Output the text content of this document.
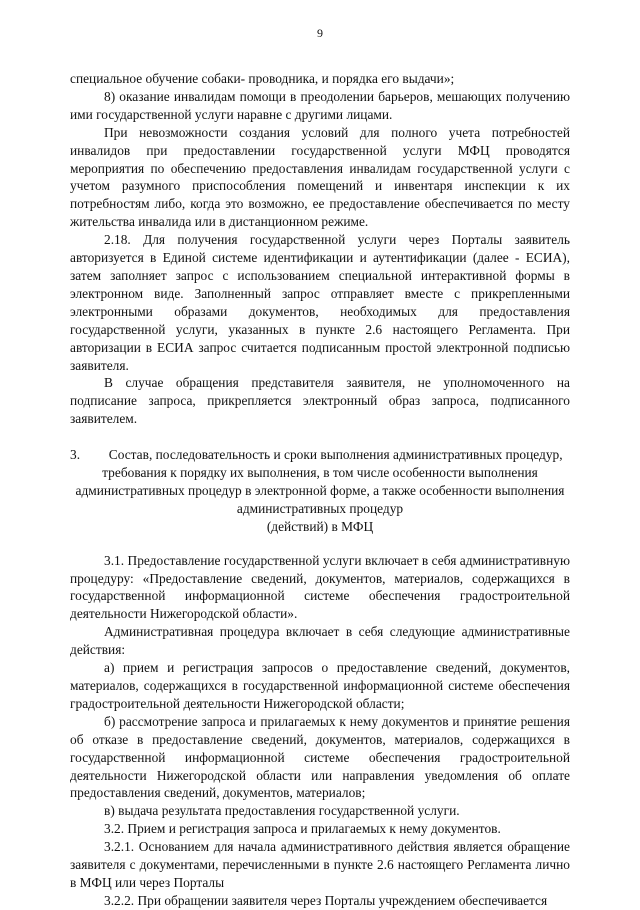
9

специальное обучение собаки- проводника, и порядка его выдачи»;

8) оказание инвалидам помощи в преодолении барьеров, мешающих получению ими государственной услуги наравне с другими лицами.

При невозможности создания условий для полного учета потребностей инвалидов при предоставлении государственной услуги МФЦ проводятся мероприятия по обеспечению предоставления инвалидам государственной услуги с учетом разумного приспособления помещений и инвентаря инспекции к их потребностям либо, когда это возможно, ее предоставление обеспечивается по месту жительства инвалида или в дистанционном режиме.

2.18. Для получения государственной услуги через Порталы заявитель авторизуется в Единой системе идентификации и аутентификации (далее - ЕСИА), затем заполняет запрос с использованием специальной интерактивной формы в электронном виде. Заполненный запрос отправляет вместе с прикрепленными электронными образами документов, необходимых для предоставления государственной услуги, указанных в пункте 2.6 настоящего Регламента. При авторизации в ЕСИА запрос считается подписанным простой электронной подписью заявителя.

В случае обращения представителя заявителя, не уполномоченного на подписание запроса, прикрепляется электронный образ запроса, подписанного заявителем.

3. Состав, последовательность и сроки выполнения административных процедур,

требования к порядку их выполнения, в том числе особенности выполнения

административных процедур в электронной форме, а также особенности выполнения

административных процедур

(действий) в МФЦ

3.1. Предоставление государственной услуги включает в себя административную процедуру: «Предоставление сведений, документов, материалов, содержащихся в государственной информационной системе обеспечения градостроительной деятельности Нижегородской области».

Административная процедура включает в себя следующие административные действия:

а) прием и регистрация запросов о предоставление сведений, документов, материалов, содержащихся в государственной информационной системе обеспечения градостроительной деятельности Нижегородской области;

б) рассмотрение запроса и прилагаемых к нему документов и принятие решения об отказе в предоставление сведений, документов, материалов, содержащихся в государственной информационной системе обеспечения градостроительной деятельности Нижегородской области или направления уведомления об оплате предоставления сведений, документов, материалов;

в) выдача результата предоставления государственной услуги.

3.2. Прием и регистрация запроса и прилагаемых к нему документов.

3.2.1. Основанием для начала административного действия является обращение заявителя с документами, перечисленными в пункте 2.6 настоящего Регламента лично в МФЦ или через Порталы

3.2.2. При обращении заявителя через Порталы учреждением обеспечивается
